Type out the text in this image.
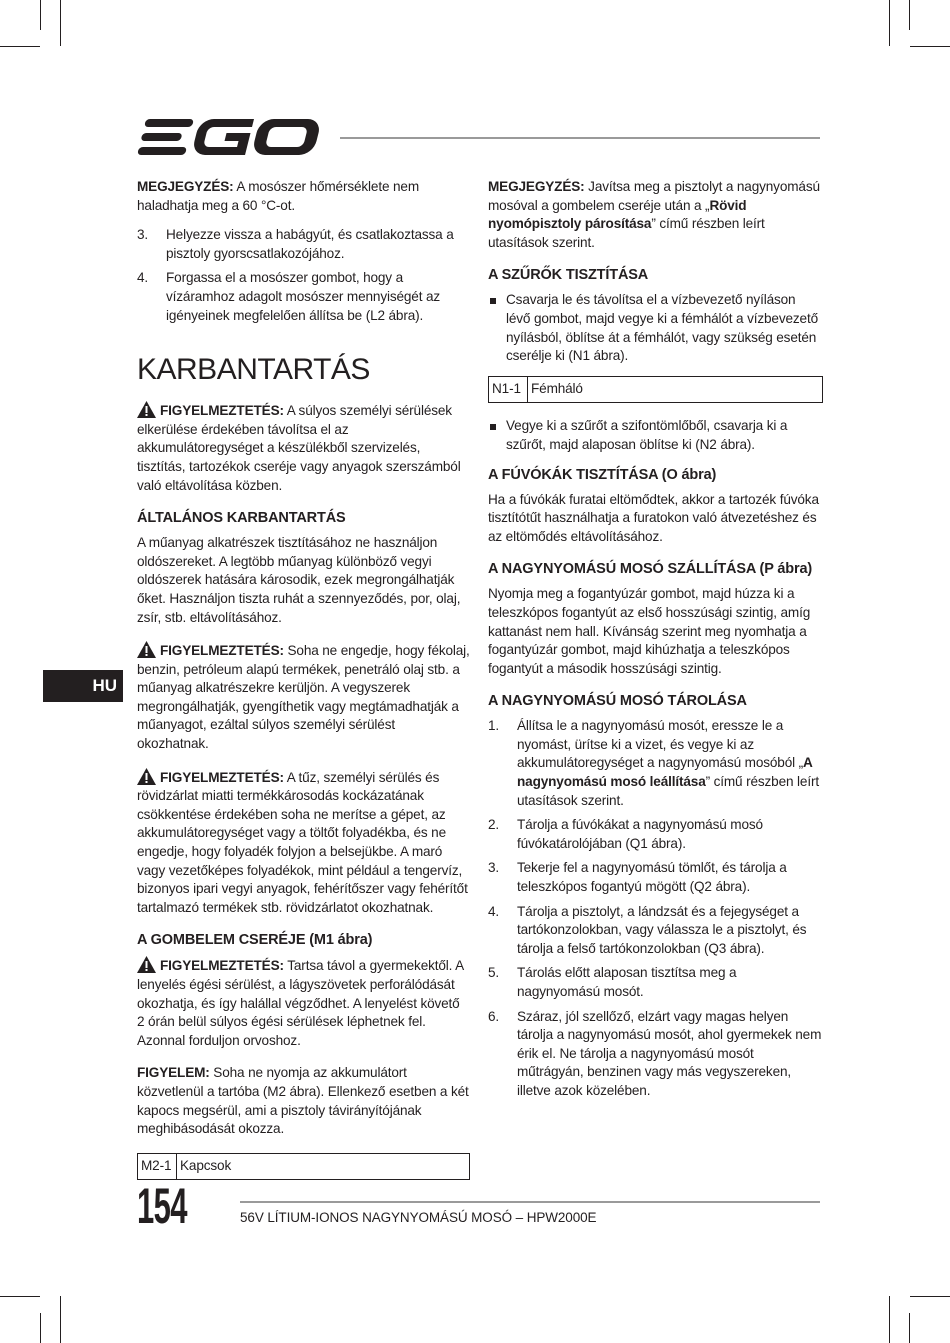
HU

MEGJEGYZÉS: A mosószer hőmérséklete nem haladhatja meg a 60 °C-ot.

3. Helyezze vissza a habágyút, és csatlakoztassa a pisztoly gyorscsatlakozójához.
4. Forgassa el a mosószer gombot, hogy a vízáramhoz adagolt mosószer mennyiségét az igényeinek megfelelően állítsa be (L2 ábra).
KARBANTARTÁS

FIGYELMEZTETÉS: A súlyos személyi sérülések elkerülése érdekében távolítsa el az akkumulátoregységet a készülékből szervizelés, tisztítás, tartozékok cseréje vagy anyagok szerszámból való eltávolítása közben.

ÁLTALÁNOS KARBANTARTÁS

A műanyag alkatrészek tisztításához ne használjon oldószereket. A legtöbb műanyag különböző vegyi oldószerek hatására károsodik, ezek megrongálhatják őket. Használjon tiszta ruhát a szennyeződés, por, olaj, zsír, stb. eltávolításához.

FIGYELMEZTETÉS: Soha ne engedje, hogy fékolaj, benzin, petróleum alapú termékek, penetráló olaj stb. a műanyag alkatrészekre kerüljön. A vegyszerek megrongálhatják, gyengíthetik vagy megtámadhatják a műanyagot, ezáltal súlyos személyi sérülést okozhatnak.

FIGYELMEZTETÉS: A tűz, személyi sérülés és rövidzárlat miatti termékkárosodás kockázatának csökkentése érdekében soha ne merítse a gépet, az akkumulátoregységet vagy a töltőt folyadékba, és ne engedje, hogy folyadék folyjon a belsejükbe. A maró vagy vezetőképes folyadékok, mint például a tengervíz, bizonyos ipari vegyi anyagok, fehérítőszer vagy fehérítőt tartalmazó termékek stb. rövidzárlatot okozhatnak.

A GOMBELEM CSERÉJE (M1 ábra)

FIGYELMEZTETÉS: Tartsa távol a gyermekektől. A lenyelés égési sérülést, a lágyszövetek perforálódását okozhatja, és így halállal végződhet. A lenyelést követő 2 órán belül súlyos égési sérülések léphetnek fel. Azonnal forduljon orvoshoz.

FIGYELEM: Soha ne nyomja az akkumulátort közvetlenül a tartóba (M2 ábra). Ellenkező esetben a két kapocs megsérül, ami a pisztoly távirányítójának meghibásodását okozza.

M2-1	Kapcsok

MEGJEGYZÉS: Javítsa meg a pisztolyt a nagynyomású mosóval a gombelem cseréje után a „Rövid nyomópisztoly párosítása” című részben leírt utasítások szerint.

A SZŰRŐK TISZTÍTÁSA
Csavarja le és távolítsa el a vízbevezető nyíláson lévő gombot, majd vegye ki a fémhálót a vízbevezető nyílásból, öblítse át a fémhálót, vagy szükség esetén cserélje ki (N1 ábra).
N1-1	Fémháló
Vegye ki a szűrőt a szifontömlőből, csavarja ki a szűrőt, majd alaposan öblítse ki (N2 ábra).
A FÚVÓKÁK TISZTÍTÁSA (O ábra)

Ha a fúvókák furatai eltömődtek, akkor a tartozék fúvóka tisztítótűt használhatja a furatokon való átvezetéshez és az eltömődés eltávolításához.

A NAGYNYOMÁSÚ MOSÓ SZÁLLÍTÁSA (P ábra)

Nyomja meg a fogantyúzár gombot, majd húzza ki a teleszkópos fogantyút az első hosszúsági szintig, amíg kattanást nem hall. Kívánság szerint meg nyomhatja a fogantyúzár gombot, majd kihúzhatja a teleszkópos fogantyút a második hosszúsági szintig.

A NAGYNYOMÁSÚ MOSÓ TÁROLÁSA
1. Állítsa le a nagynyomású mosót, eressze le a nyomást, ürítse ki a vizet, és vegye ki az akkumulátoregységet a nagynyomású mosóból „A nagynyomású mosó leállítása” című részben leírt utasítások szerint.
2. Tárolja a fúvókákat a nagynyomású mosó fúvókatárolójában (Q1 ábra).
3. Tekerje fel a nagynyomású tömlőt, és tárolja a teleszkópos fogantyú mögött (Q2 ábra).
4. Tárolja a pisztolyt, a lándzsát és a fejegységet a tartókonzolokban, vagy válassza le a pisztolyt, és tárolja a felső tartókonzolokban (Q3 ábra).
5. Tárolás előtt alaposan tisztítsa meg a nagynyomású mosót.
6. Száraz, jól szellőző, elzárt vagy magas helyen tárolja a nagynyomású mosót, ahol gyermekek nem érik el. Ne tárolja a nagynyomású mosót műtrágyán, benzinen vagy más vegyszereken, illetve azok közelében.
154	56V LÍTIUM-IONOS NAGYNYOMÁSÚ MOSÓ – HPW2000E
